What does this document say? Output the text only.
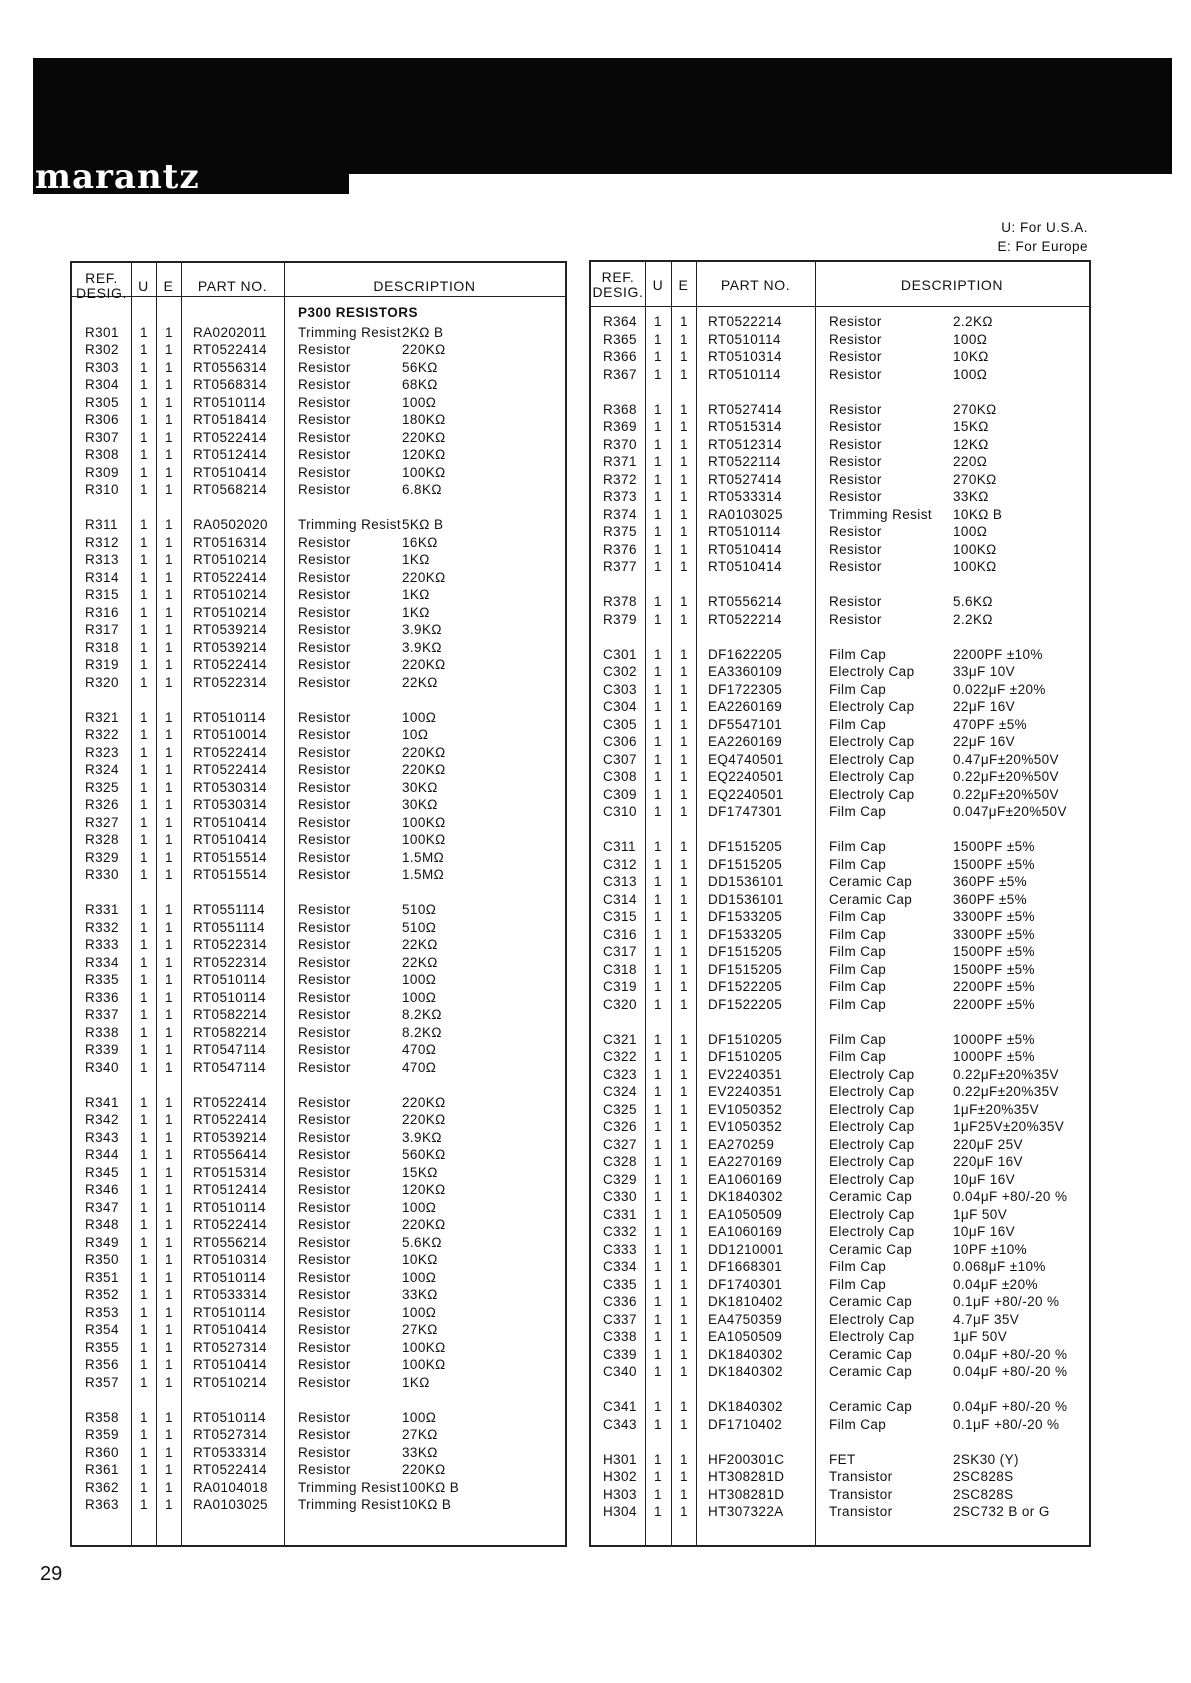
marantz
U: For U.S.A.
E: For Europe
REF.
DESIG. U	E	PART NO.	DESCRIPTION
P300 RESISTORS
R301 1 1 RA0202011 Trimming Resist 2KΩ B
R302 1 1 RT0522414 Resistor	220KΩ
R303 1 1 RT0556314 Resistor	56KΩ
R304 1 1 RT0568314 Resistor	68KΩ
R305 1 1 RT0510114 Resistor	100Ω
R306 1 1 RT0518414 Resistor	180KΩ
R307 1 1 RT0522414 Resistor	220KΩ
R308 1 1 RT0512414 Resistor	120KΩ
R309 1 1 RT0510414 Resistor	100KΩ
R310 1 1 RT0568214 Resistor	6.8KΩ
R311 1 1 RA0502020 Trimming Resist 5KΩ B
R312 1 1 RT0516314 Resistor	16KΩ
R313 1 1 RT0510214 Resistor	1KΩ
R314 1 1 RT0522414 Resistor	220KΩ
R315 1 1 RT0510214 Resistor	1KΩ
R316 1 1 RT0510214 Resistor	1KΩ
R317 1 1 RT0539214 Resistor	3.9KΩ
R318 1 1 RT0539214 Resistor	3.9KΩ
R319 1 1 RT0522414 Resistor	220KΩ
R320 1 1 RT0522314 Resistor	22KΩ
R321 1 1 RT0510114 Resistor	100Ω
R322 1 1 RT0510014 Resistor	10Ω
R323 1 1 RT0522414 Resistor	220KΩ
R324 1 1 RT0522414 Resistor	220KΩ
R325 1 1 RT0530314 Resistor	30KΩ
R326 1 1 RT0530314 Resistor	30KΩ
R327 1 1 RT0510414 Resistor	100KΩ
R328 1 1 RT0510414 Resistor	100KΩ
R329 1 1 RT0515514 Resistor	1.5MΩ
R330 1 1 RT0515514 Resistor	1.5MΩ
R331 1 1 RT0551114 Resistor	510Ω
R332 1 1 RT0551114 Resistor	510Ω
R333 1 1 RT0522314 Resistor	22KΩ
R334 1 1 RT0522314 Resistor	22KΩ
R335 1 1 RT0510114 Resistor	100Ω
R336 1 1 RT0510114 Resistor	100Ω
R337 1 1 RT0582214 Resistor	8.2KΩ
R338 1 1 RT0582214 Resistor	8.2KΩ
R339 1 1 RT0547114 Resistor	470Ω
R340 1 1 RT0547114 Resistor	470Ω
R341 1 1 RT0522414 Resistor	220KΩ
R342 1 1 RT0522414 Resistor	220KΩ
R343 1 1 RT0539214 Resistor	3.9KΩ
R344 1 1 RT0556414 Resistor	560KΩ
R345 1 1 RT0515314 Resistor	15KΩ
R346 1 1 RT0512414 Resistor	120KΩ
R347 1 1 RT0510114 Resistor	100Ω
R348 1 1 RT0522414 Resistor	220KΩ
R349 1 1 RT0556214 Resistor	5.6KΩ
R350 1 1 RT0510314 Resistor	10KΩ
R351 1 1 RT0510114 Resistor	100Ω
R352 1 1 RT0533314 Resistor	33KΩ
R353 1 1 RT0510114 Resistor	100Ω
R354 1 1 RT0510414 Resistor	27KΩ
R355 1 1 RT0527314 Resistor	100KΩ
R356 1 1 RT0510414 Resistor	100KΩ
R357 1 1 RT0510214 Resistor	1KΩ
R358 1 1 RT0510114 Resistor	100Ω
R359 1 1 RT0527314 Resistor	27KΩ
R360 1 1 RT0533314 Resistor	33KΩ
R361 1 1 RT0522414 Resistor	220KΩ
R362 1 1 RA0104018 Trimming Resist 100KΩ B
R363 1 1 RA0103025 Trimming Resist 10KΩ B
REF.
DESIG. U	E	PART NO.	DESCRIPTION
R364 1 1 RT0522214	Resistor	2.2KΩ
R365 1 1 RT0510114	Resistor	100Ω
R366 1 1 RT0510314	Resistor	10KΩ
R367 1 1 RT0510114	Resistor	100Ω
R368 1 1 RT0527414	Resistor	270KΩ
R369 1 1 RT0515314	Resistor	15KΩ
R370 1 1 RT0512314	Resistor	12KΩ
R371 1 1 RT0522114	Resistor	220Ω
R372 1 1 RT0527414	Resistor	270KΩ
R373 1 1 RT0533314	Resistor	33KΩ
R374 1 1 RA0103025	Trimming Resist 10KΩ B
R375 1 1 RT0510114	Resistor	100Ω
R376 1 1 RT0510414	Resistor	100KΩ
R377 1 1 RT0510414	Resistor	100KΩ
R378 1 1 RT0556214	Resistor	5.6KΩ
R379 1 1 RT0522214	Resistor	2.2KΩ
C301 1 1 DF1622205	Film Cap	2200PF ±10%
C302 1 1 EA3360109	Electroly Cap	33μF 10V
C303 1 1 DF1722305	Film Cap	0.022μF ±20%
C304 1 1 EA2260169	Electroly Cap	22μF 16V
C305 1 1 DF5547101	Film Cap	470PF ±5%
C306 1 1 EA2260169	Electroly Cap	22μF 16V
C307 1 1 EQ4740501	Electroly Cap	0.47μF±20%50V
C308 1 1 EQ2240501	Electroly Cap	0.22μF±20%50V
C309 1 1 EQ2240501	Electroly Cap	0.22μF±20%50V
C310 1 1 DF1747301	Film Cap	0.047μF±20%50V
C311 1 1 DF1515205	Film Cap	1500PF ±5%
C312 1 1 DF1515205	Film Cap	1500PF ±5%
C313 1 1 DD1536101	Ceramic Cap	360PF ±5%
C314 1 1 DD1536101	Ceramic Cap	360PF ±5%
C315 1 1 DF1533205	Film Cap	3300PF ±5%
C316 1 1 DF1533205	Film Cap	3300PF ±5%
C317 1 1 DF1515205	Film Cap	1500PF ±5%
C318 1 1 DF1515205	Film Cap	1500PF ±5%
C319 1 1 DF1522205	Film Cap	2200PF ±5%
C320 1 1 DF1522205	Film Cap	2200PF ±5%
C321 1 1 DF1510205	Film Cap	1000PF ±5%
C322 1 1 DF1510205	Film Cap	1000PF ±5%
C323 1 1 EV2240351	Electroly Cap	0.22μF±20%35V
C324 1 1 EV2240351	Electroly Cap	0.22μF±20%35V
C325 1 1 EV1050352	Electroly Cap	1μF±20%35V
C326 1 1 EV1050352	Electroly Cap	1μF25V±20%35V
C327 1 1 EA270259	Electroly Cap	220μF 25V
C328 1 1 EA2270169	Electroly Cap	220μF 16V
C329 1 1 EA1060169	Electroly Cap	10μF 16V
C330 1 1 DK1840302	Ceramic Cap	0.04μF +80/-20 %
C331 1 1 EA1050509	Electroly Cap	1μF 50V
C332 1 1 EA1060169	Electroly Cap	10μF 16V
C333 1 1 DD1210001	Ceramic Cap	10PF ±10%
C334 1 1 DF1668301	Film Cap	0.068μF ±10%
C335 1 1 DF1740301	Film Cap	0.04μF ±20%
C336 1 1 DK1810402	Ceramic Cap	0.1μF +80/-20 %
C337 1 1 EA4750359	Electroly Cap	4.7μF 35V
C338 1 1 EA1050509	Electroly Cap	1μF 50V
C339 1 1 DK1840302	Ceramic Cap	0.04μF +80/-20 %
C340 1 1 DK1840302	Ceramic Cap	0.04μF +80/-20 %
C341 1 1 DK1840302	Ceramic Cap	0.04μF +80/-20 %
C343 1 1 DF1710402	Film Cap	0.1μF +80/-20 %
H301 1 1 HF200301C	FET	2SK30 (Y)
H302 1 1 HT308281D	Transistor	2SC828S
H303 1 1 HT308281D	Transistor	2SC828S
H304 1 1 HT307322A	Transistor	2SC732 B or G
29
